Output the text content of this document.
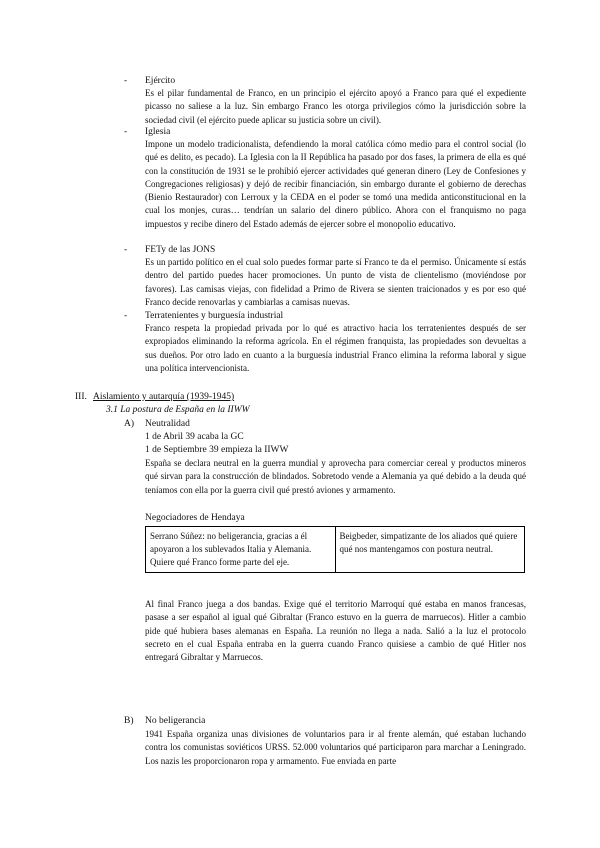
- Ejército
Es el pilar fundamental de Franco, en un principio el ejército apoyó a Franco para qué el expediente picasso no saliese a la luz. Sin embargo Franco les otorga privilegios cómo la jurisdicción sobre la sociedad civil (el ejército puede aplicar su justicia sobre un civil).
- Iglesia
Impone un modelo tradicionalista, defendiendo la moral católica cómo medio para el control social (lo qué es delito, es pecado). La Iglesia con la II República ha pasado por dos fases, la primera de ella es qué con la constitución de 1931 se le prohibió ejercer actividades qué generan dinero (Ley de Confesiones y Congregaciones religiosas) y dejó de recibir financiación, sin embargo durante el gobierno de derechas (Bienio Restaurador) con Lerroux y la CEDA en el poder se tomó una medida anticonstitucional en la cual los monjes, curas… tendrían un salario del dinero público. Ahora con el franquismo no paga impuestos y recibe dinero del Estado además de ejercer sobre el monopolio educativo.
- FETy de las JONS
Es un partido político en el cual solo puedes formar parte sí Franco te da el permiso. Únicamente sí estás dentro del partido puedes hacer promociones. Un punto de vista de clientelismo (moviéndose por favores). Las camisas viejas, con fidelidad a Primo de Rivera se sienten traicionados y es por eso qué Franco decide renovarlas y cambiarlas a camisas nuevas.
- Terratenientes y burguesía industrial
Franco respeta la propiedad privada por lo qué es atractivo hacia los terratenientes después de ser expropiados eliminando la reforma agrícola. En el régimen franquista, las propiedades son devueltas a sus dueños. Por otro lado en cuanto a la burguesía industrial Franco elimina la reforma laboral y sigue una política intervencionista.
III. Aislamiento y autarquía (1939-1945)
3.1 La postura de España en la IIWW
A) Neutralidad
1 de Abril 39 acaba la GC
1 de Septiembre 39 empieza la IIWW
España se declara neutral en la guerra mundial y aprovecha para comerciar cereal y productos mineros qué sirvan para la construcción de blindados. Sobretodo vende a Alemania ya qué debido a la deuda qué teníamos con ella por la guerra civil qué prestó aviones y armamento.
Negociadores de Hendaya
Serrano Súñez: no beligerancia, gracias a él apoyaron a los sublevados Italia y Alemania. Quiere qué Franco forme parte del eje.	Beigbeder, simpatizante de los aliados qué quiere qué nos mantengamos con postura neutral.
Al final Franco juega a dos bandas. Exige qué el territorio Marroquí qué estaba en manos francesas, pasase a ser español al igual qué Gibraltar (Franco estuvo en la guerra de marruecos). Hitler a cambio pide qué hubiera bases alemanas en España. La reunión no llega a nada. Salió a la luz el protocolo secreto en el cual España entraba en la guerra cuando Franco quisiese a cambio de qué Hitler nos entregará Gibraltar y Marruecos.
B) No beligerancia
1941 España organiza unas divisiones de voluntarios para ir al frente alemán, qué estaban luchando contra los comunistas soviéticos URSS. 52.000 voluntarios qué participaron para marchar a Leningrado. Los nazis les proporcionaron ropa y armamento. Fue enviada en parte
